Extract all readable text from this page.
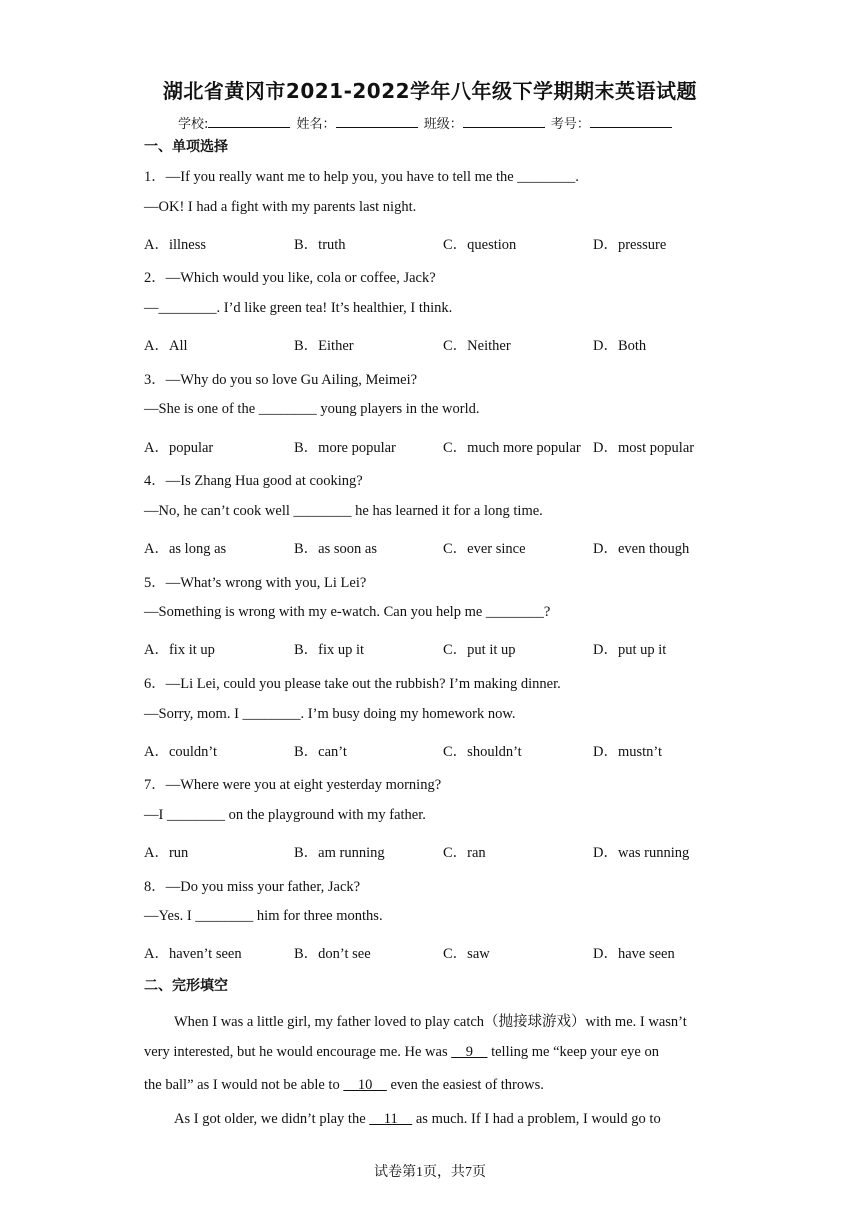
湖北省黄冈市2021-2022学年八年级下学期期末英语试题
学校:	姓名：	班级：	考号：
一、单项选择
1．—If you really want me to help you, you have to tell me the ________.
—OK! I had a fight with my parents last night.
A．illness	B．truth	C．question	D．pressure
2．—Which would you like, cola or coffee, Jack?
—________. I’d like green tea! It’s healthier, I think.
A．All	B．Either	C．Neither	D．Both
3．—Why do you so love Gu Ailing, Meimei?
—She is one of the ________ young players in the world.
A．popular	B．more popular	C．much more popular D．most popular
4．—Is Zhang Hua good at cooking?
—No, he can’t cook well ________ he has learned it for a long time.
A．as long as	B．as soon as	C．ever since	D．even though
5．—What’s wrong with you, Li Lei?
—Something is wrong with my e-watch. Can you help me ________?
A．fix it up	B．fix up it	C．put it up	D．put up it
6．—Li Lei, could you please take out the rubbish? I’m making dinner.
—Sorry, mom. I ________. I’m busy doing my homework now.
A．couldn’t	B．can’t	C．shouldn’t	D．mustn’t
7．—Where were you at eight yesterday morning?
—I ________ on the playground with my father.
A．run	B．am running	C．ran	D．was running
8．—Do you miss your father, Jack?
—Yes. I ________ him for three months.
A．haven’t seen	B．don’t see	C．saw	D．have seen
二、完形填空
When I was a little girl, my father loved to play catch（抛接球游戏）with me. I wasn’t
very interested, but he would encourage me. He was     9     telling me “keep your eye on
the ball” as I would not be able to     10     even the easiest of throws.
As I got older, we didn’t play the     11     as much. If I had a problem, I would go to
试卷第1页，共7页
